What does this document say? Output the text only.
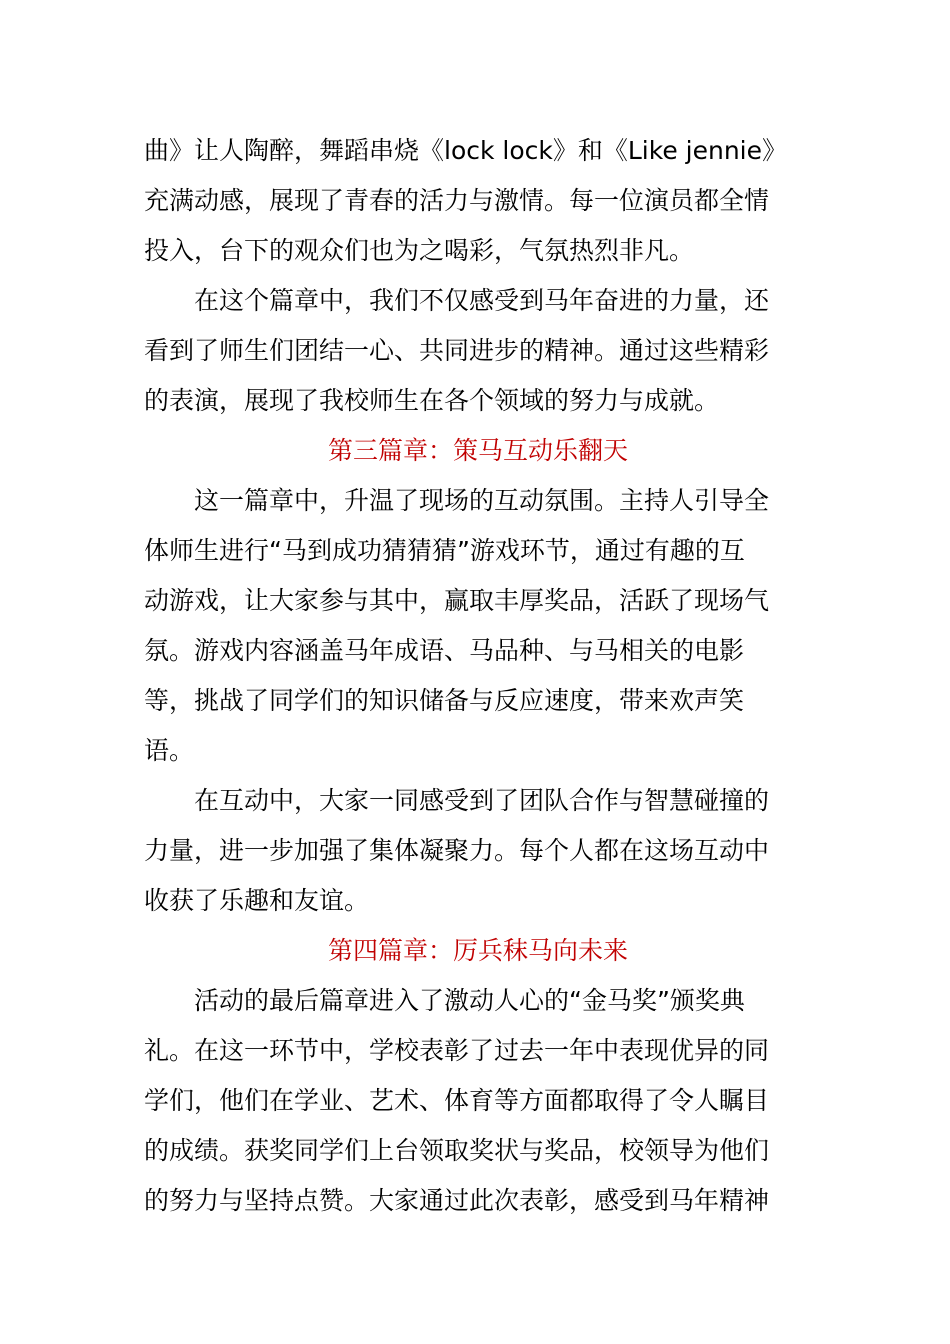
曲》让人陶醉，舞蹈串烧《lock lock》和《Like jennie》
充满动感，展现了青春的活力与激情。每一位演员都全情
投入，台下的观众们也为之喝彩，气氛热烈非凡。
在这个篇章中，我们不仅感受到马年奋进的力量，还
看到了师生们团结一心、共同进步的精神。通过这些精彩
的表演，展现了我校师生在各个领域的努力与成就。
第三篇章：策马互动乐翻天
这一篇章中，升温了现场的互动氛围。主持人引导全
体师生进行“马到成功猜猜猜”游戏环节，通过有趣的互
动游戏，让大家参与其中，赢取丰厚奖品，活跃了现场气
氛。游戏内容涵盖马年成语、马品种、与马相关的电影
等，挑战了同学们的知识储备与反应速度，带来欢声笑
语。
在互动中，大家一同感受到了团队合作与智慧碰撞的
力量，进一步加强了集体凝聚力。每个人都在这场互动中
收获了乐趣和友谊。
第四篇章：厉兵秣马向未来
活动的最后篇章进入了激动人心的“金马奖”颁奖典
礼。在这一环节中，学校表彰了过去一年中表现优异的同
学们，他们在学业、艺术、体育等方面都取得了令人瞩目
的成绩。获奖同学们上台领取奖状与奖品，校领导为他们
的努力与坚持点赞。大家通过此次表彰，感受到马年精神
